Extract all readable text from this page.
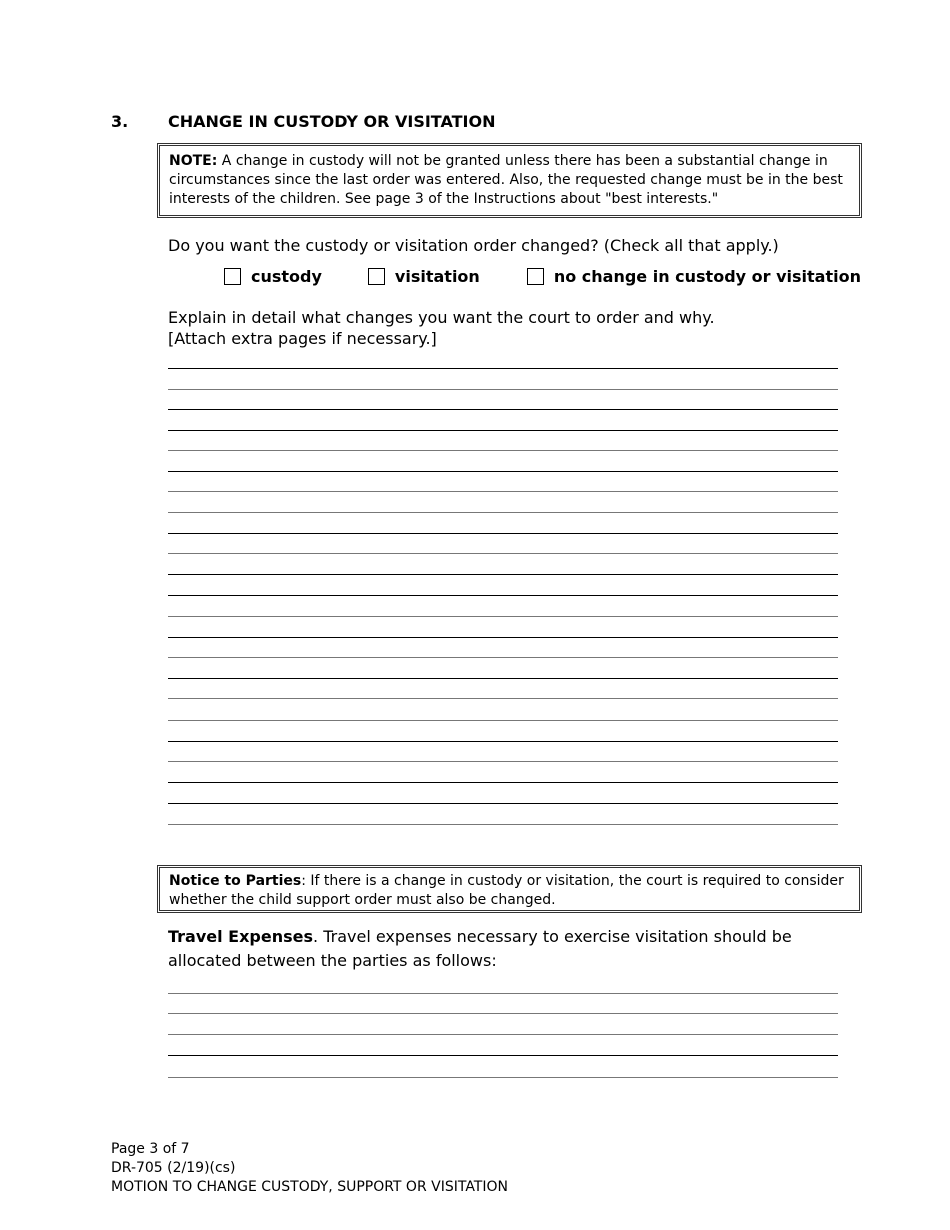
3. CHANGE IN CUSTODY OR VISITATION
NOTE: A change in custody will not be granted unless there has been a substantial change in circumstances since the last order was entered. Also, the requested change must be in the best interests of the children. See page 3 of the Instructions about "best interests."
Do you want the custody or visitation order changed? (Check all that apply.)
custody	visitation	no change in custody or visitation
Explain in detail what changes you want the court to order and why.
[Attach extra pages if necessary.]
Notice to Parties: If there is a change in custody or visitation, the court is required to consider whether the child support order must also be changed.
Travel Expenses. Travel expenses necessary to exercise visitation should be allocated between the parties as follows:
Page 3 of 7
DR-705 (2/19)(cs)
MOTION TO CHANGE CUSTODY, SUPPORT OR VISITATION
